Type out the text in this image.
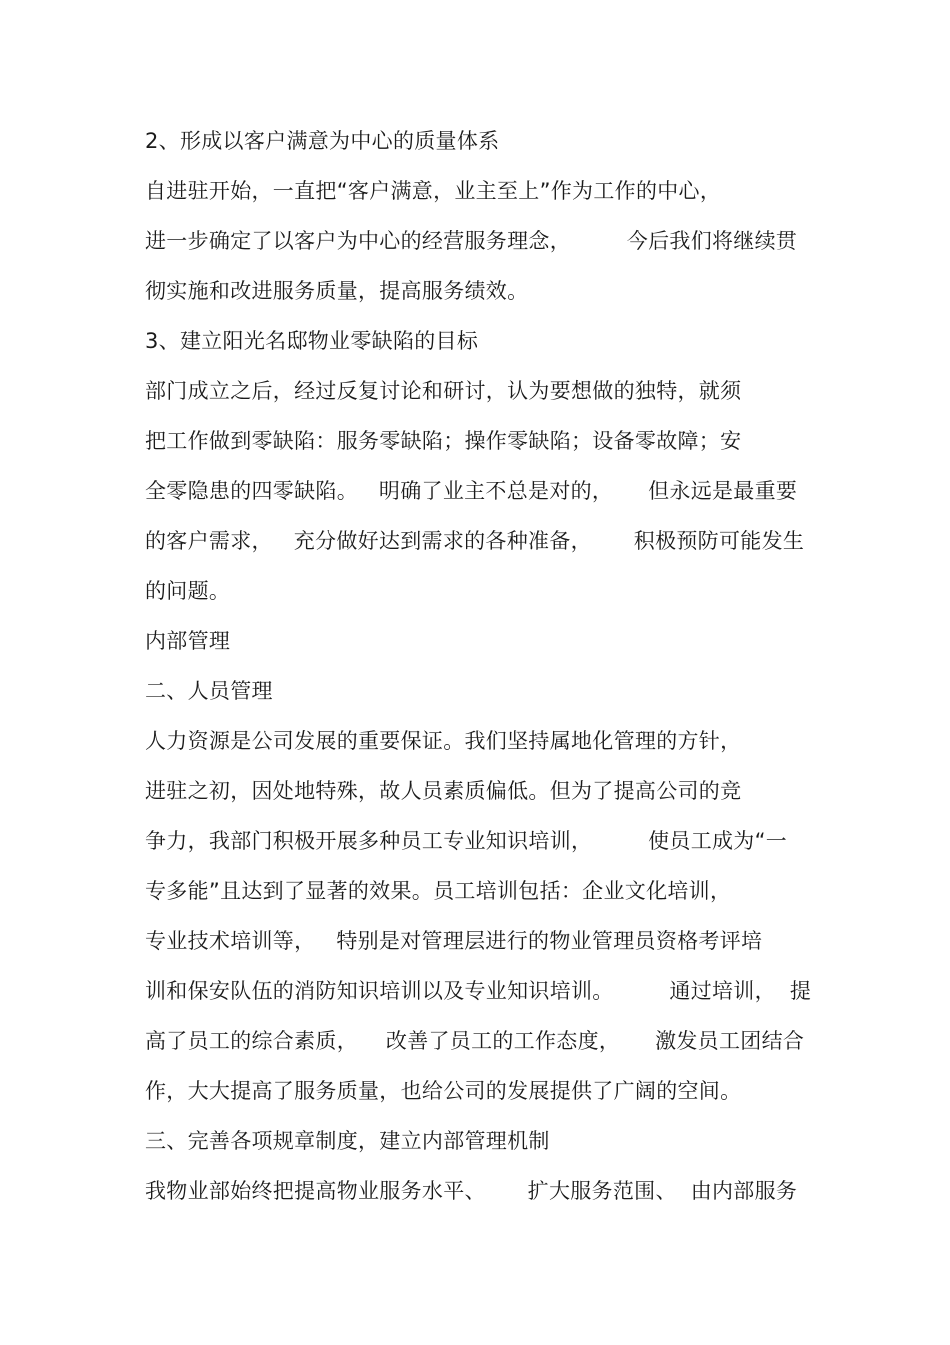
2、形成以客户满意为中心的质量体系
自进驻开始，一直把“客户满意，业主至上”作为工作的中心，
进一步确定了以客户为中心的经营服务理念，        今后我们将继续贯
彻实施和改进服务质量，提高服务绩效。
3、建立阳光名邸物业零缺陷的目标
部门成立之后，经过反复讨论和研讨，认为要想做的独特，就须
把工作做到零缺陷：服务零缺陷；操作零缺陷；设备零故障；安
全零隐患的四零缺陷。   明确了业主不总是对的，     但永远是最重要
的客户需求，   充分做好达到需求的各种准备，      积极预防可能发生
的问题。
内部管理
二、人员管理
人力资源是公司发展的重要保证。我们坚持属地化管理的方针，
进驻之初，因处地特殊，故人员素质偏低。但为了提高公司的竞
争力，我部门积极开展多种员工专业知识培训，        使员工成为“一
专多能”且达到了显著的效果。员工培训包括：企业文化培训，
专业技术培训等，   特别是对管理层进行的物业管理员资格考评培
训和保安队伍的消防知识培训以及专业知识培训。        通过培训，  提
高了员工的综合素质，    改善了员工的工作态度，     激发员工团结合
作，大大提高了服务质量，也给公司的发展提供了广阔的空间。
三、完善各项规章制度，建立内部管理机制
我物业部始终把提高物业服务水平、      扩大服务范围、  由内部服务
